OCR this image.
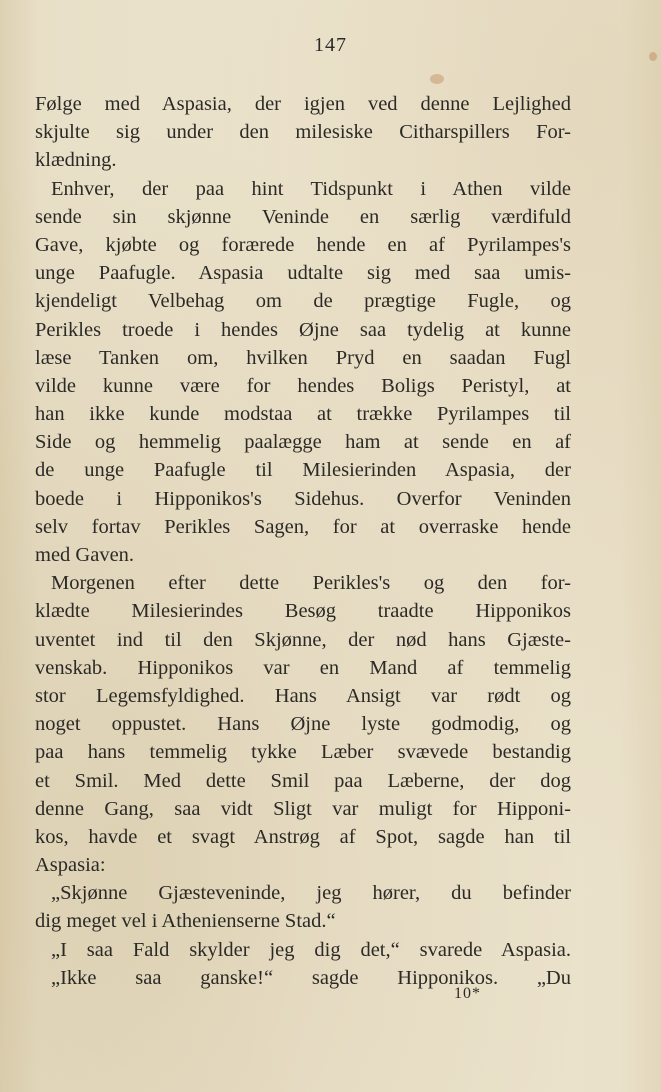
147
Følge med Aspasia, der igjen ved denne Lejlighed
skjulte sig under den milesiske Citharspillers For-
klædning.
Enhver, der paa hint Tidspunkt i Athen vilde
sende sin skjønne Veninde en særlig værdifuld
Gave, kjøbte og forærede hende en af Pyrilampes's
unge Paafugle. Aspasia udtalte sig med saa umis-
kjendeligt Velbehag om de prægtige Fugle, og
Perikles troede i hendes Øjne saa tydelig at kunne
læse Tanken om, hvilken Pryd en saadan Fugl
vilde kunne være for hendes Boligs Peristyl, at
han ikke kunde modstaa at trække Pyrilampes til
Side og hemmelig paalægge ham at sende en af
de unge Paafugle til Milesierinden Aspasia, der
boede i Hipponikos's Sidehus. Overfor Veninden
selv fortav Perikles Sagen, for at overraske hende
med Gaven.
Morgenen efter dette Perikles's og den for-
klædte Milesierindes Besøg traadte Hipponikos
uventet ind til den Skjønne, der nød hans Gjæste-
venskab. Hipponikos var en Mand af temmelig
stor Legemsfyldighed. Hans Ansigt var rødt og
noget oppustet. Hans Øjne lyste godmodig, og
paa hans temmelig tykke Læber svævede bestandig
et Smil. Med dette Smil paa Læberne, der dog
denne Gang, saa vidt Sligt var muligt for Hipponi-
kos, havde et svagt Anstrøg af Spot, sagde han til
Aspasia:
„Skjønne Gjæsteveninde, jeg hører, du befinder
dig meget vel i Athenienserne Stad.“
„I saa Fald skylder jeg dig det,“ svarede Aspasia.
„Ikke saa ganske!“ sagde Hipponikos. „Du
10*
